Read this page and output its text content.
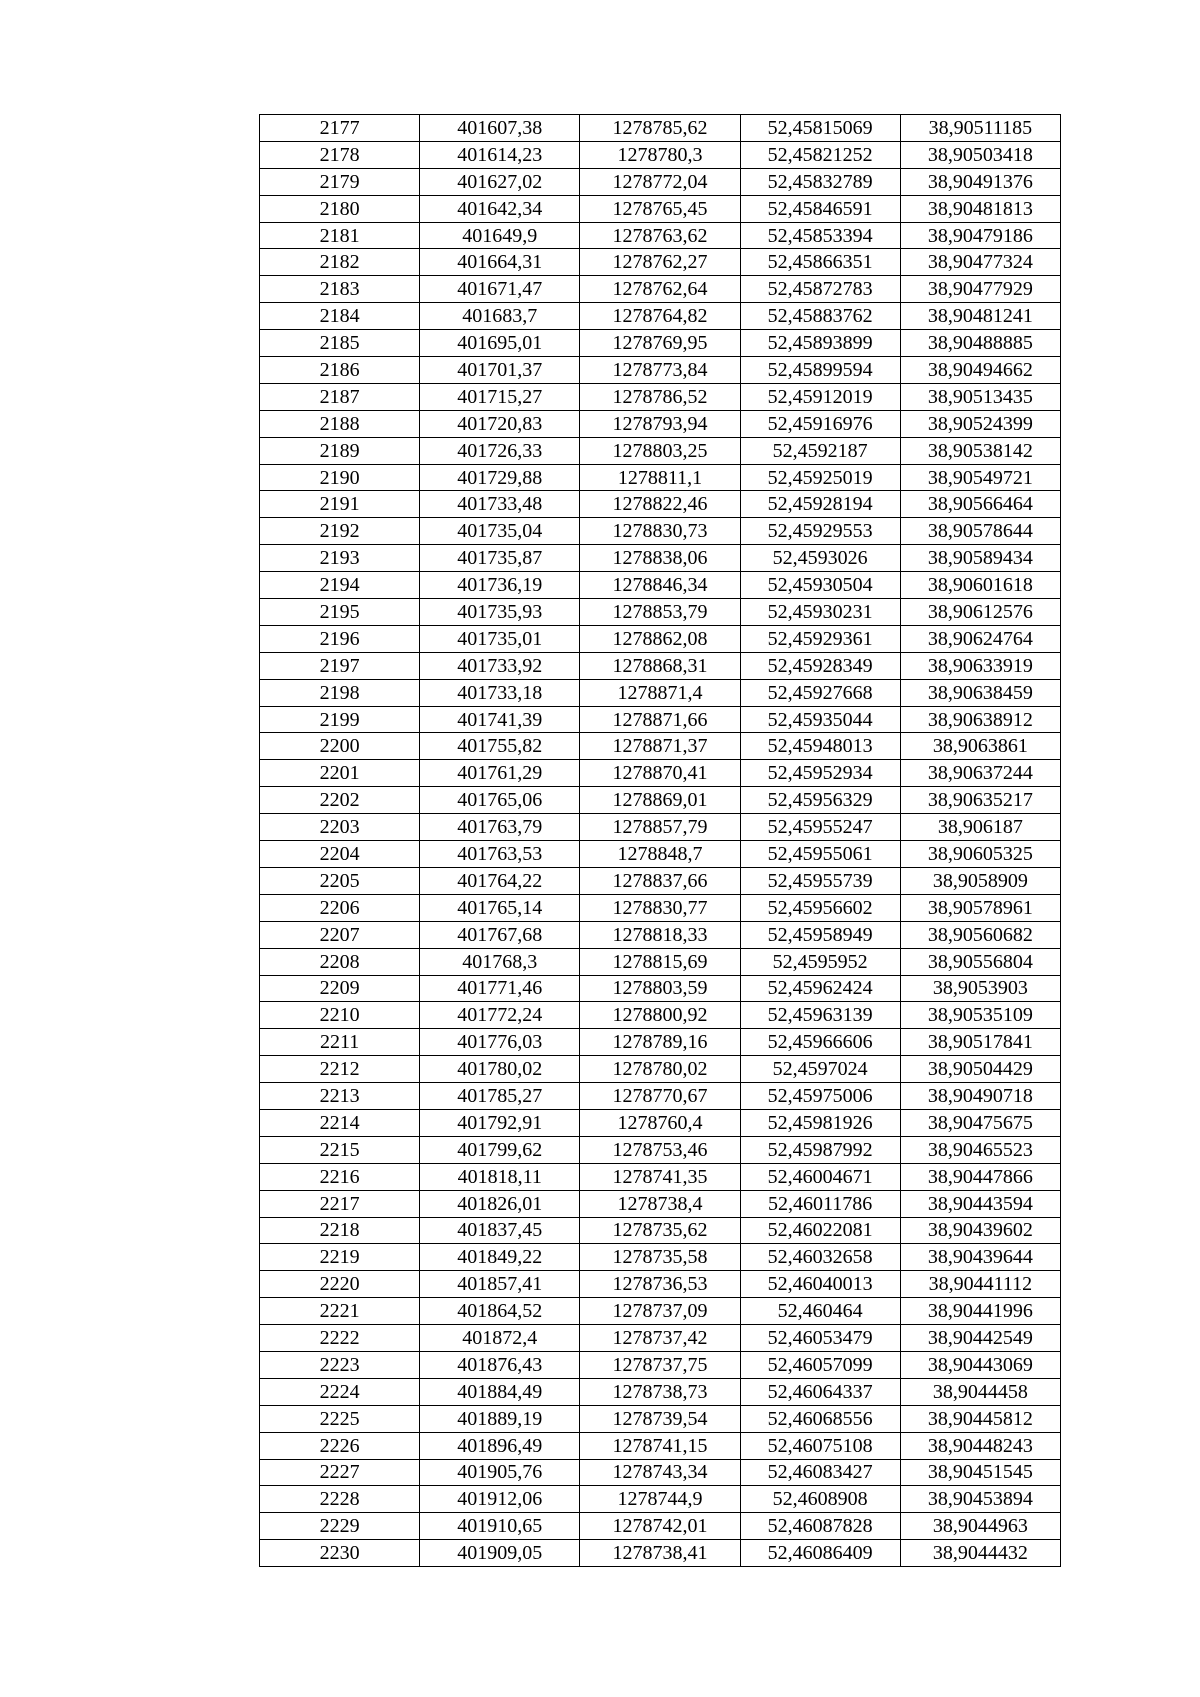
2177	401607,38	1278785,62	52,45815069	38,90511185
2178	401614,23	1278780,3	52,45821252	38,90503418
2179	401627,02	1278772,04	52,45832789	38,90491376
2180	401642,34	1278765,45	52,45846591	38,90481813
2181	401649,9	1278763,62	52,45853394	38,90479186
2182	401664,31	1278762,27	52,45866351	38,90477324
2183	401671,47	1278762,64	52,45872783	38,90477929
2184	401683,7	1278764,82	52,45883762	38,90481241
2185	401695,01	1278769,95	52,45893899	38,90488885
2186	401701,37	1278773,84	52,45899594	38,90494662
2187	401715,27	1278786,52	52,45912019	38,90513435
2188	401720,83	1278793,94	52,45916976	38,90524399
2189	401726,33	1278803,25	52,4592187	38,90538142
2190	401729,88	1278811,1	52,45925019	38,90549721
2191	401733,48	1278822,46	52,45928194	38,90566464
2192	401735,04	1278830,73	52,45929553	38,90578644
2193	401735,87	1278838,06	52,4593026	38,90589434
2194	401736,19	1278846,34	52,45930504	38,90601618
2195	401735,93	1278853,79	52,45930231	38,90612576
2196	401735,01	1278862,08	52,45929361	38,90624764
2197	401733,92	1278868,31	52,45928349	38,90633919
2198	401733,18	1278871,4	52,45927668	38,90638459
2199	401741,39	1278871,66	52,45935044	38,90638912
2200	401755,82	1278871,37	52,45948013	38,9063861
2201	401761,29	1278870,41	52,45952934	38,90637244
2202	401765,06	1278869,01	52,45956329	38,90635217
2203	401763,79	1278857,79	52,45955247	38,906187
2204	401763,53	1278848,7	52,45955061	38,90605325
2205	401764,22	1278837,66	52,45955739	38,9058909
2206	401765,14	1278830,77	52,45956602	38,90578961
2207	401767,68	1278818,33	52,45958949	38,90560682
2208	401768,3	1278815,69	52,4595952	38,90556804
2209	401771,46	1278803,59	52,45962424	38,9053903
2210	401772,24	1278800,92	52,45963139	38,90535109
2211	401776,03	1278789,16	52,45966606	38,90517841
2212	401780,02	1278780,02	52,4597024	38,90504429
2213	401785,27	1278770,67	52,45975006	38,90490718
2214	401792,91	1278760,4	52,45981926	38,90475675
2215	401799,62	1278753,46	52,45987992	38,90465523
2216	401818,11	1278741,35	52,46004671	38,90447866
2217	401826,01	1278738,4	52,46011786	38,90443594
2218	401837,45	1278735,62	52,46022081	38,90439602
2219	401849,22	1278735,58	52,46032658	38,90439644
2220	401857,41	1278736,53	52,46040013	38,90441112
2221	401864,52	1278737,09	52,460464	38,90441996
2222	401872,4	1278737,42	52,46053479	38,90442549
2223	401876,43	1278737,75	52,46057099	38,90443069
2224	401884,49	1278738,73	52,46064337	38,9044458
2225	401889,19	1278739,54	52,46068556	38,90445812
2226	401896,49	1278741,15	52,46075108	38,90448243
2227	401905,76	1278743,34	52,46083427	38,90451545
2228	401912,06	1278744,9	52,4608908	38,90453894
2229	401910,65	1278742,01	52,46087828	38,9044963
2230	401909,05	1278738,41	52,46086409	38,9044432
